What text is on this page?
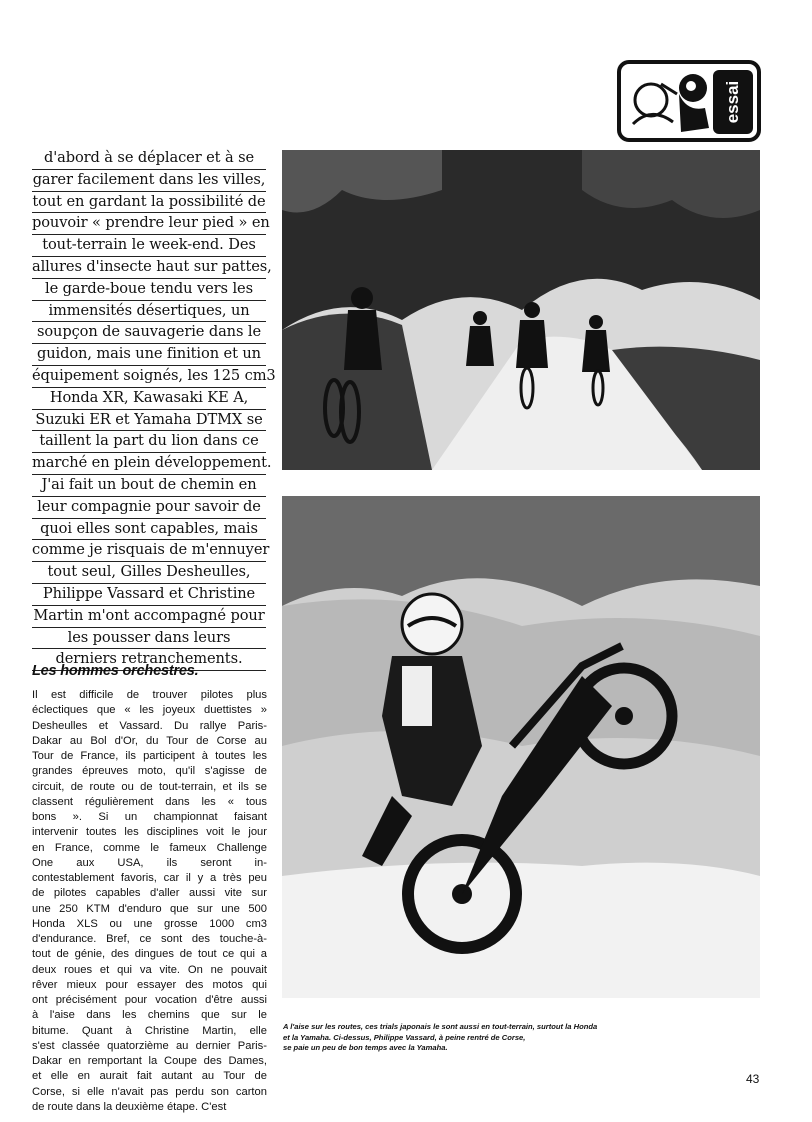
essai
d'abord à se déplacer et à se
garer facilement dans les villes,
tout en gardant la possibilité de
pouvoir « prendre leur pied » en
tout-terrain le week-end. Des
allures d'insecte haut sur pattes,
le garde-boue tendu vers les
immensités désertiques, un
soupçon de sauvagerie dans le
guidon, mais une finition et un
équipement soignés, les 125 cm3
Honda XR, Kawasaki KE A,
Suzuki ER et Yamaha DTMX se
taillent la part du lion dans ce
marché en plein développement.
J'ai fait un bout de chemin en
leur compagnie pour savoir de
quoi elles sont capables, mais
comme je risquais de m'ennuyer
tout seul, Gilles Desheulles,
Philippe Vassard et Christine
Martin m'ont accompagné pour
les pousser dans leurs
derniers retranchements.
Les hommes orchestres.
Il est difficile de trouver pilotes plus
éclectiques que « les joyeux duettistes »
Desheulles et Vassard. Du rallye Paris-
Dakar au Bol d'Or, du Tour de Corse au
Tour de France, ils participent à toutes les
grandes épreuves moto, qu'il s'agisse de
circuit, de route ou de tout-terrain, et ils se
classent régulièrement dans les « tous
bons ». Si un championnat faisant
intervenir toutes les disciplines voit le jour
en France, comme le fameux Challenge
One aux USA, ils seront in-
contestablement favoris, car il y a très peu
de pilotes capables d'aller aussi vite sur
une 250 KTM d'enduro que sur une 500
Honda XLS ou une grosse 1000 cm3
d'endurance. Bref, ce sont des touche-à-
tout de génie, des dingues de tout ce qui a
deux roues et qui va vite. On ne pouvait
rêver mieux pour essayer des motos qui
ont précisément pour vocation d'être aussi
à l'aise dans les chemins que sur le
bitume. Quant à Christine Martin, elle
s'est classée quatorzième au dernier Paris-
Dakar en remportant la Coupe des Dames,
et elle en aurait fait autant au Tour de
Corse, si elle n'avait pas perdu son carton
de route dans la deuxième étape. C'est
A l'aise sur les routes, ces trials japonais le sont aussi en tout-terrain, surtout la Honda
et la Yamaha. Ci-dessus, Philippe Vassard, à peine rentré de Corse,
se paie un peu de bon temps avec la Yamaha.
43
